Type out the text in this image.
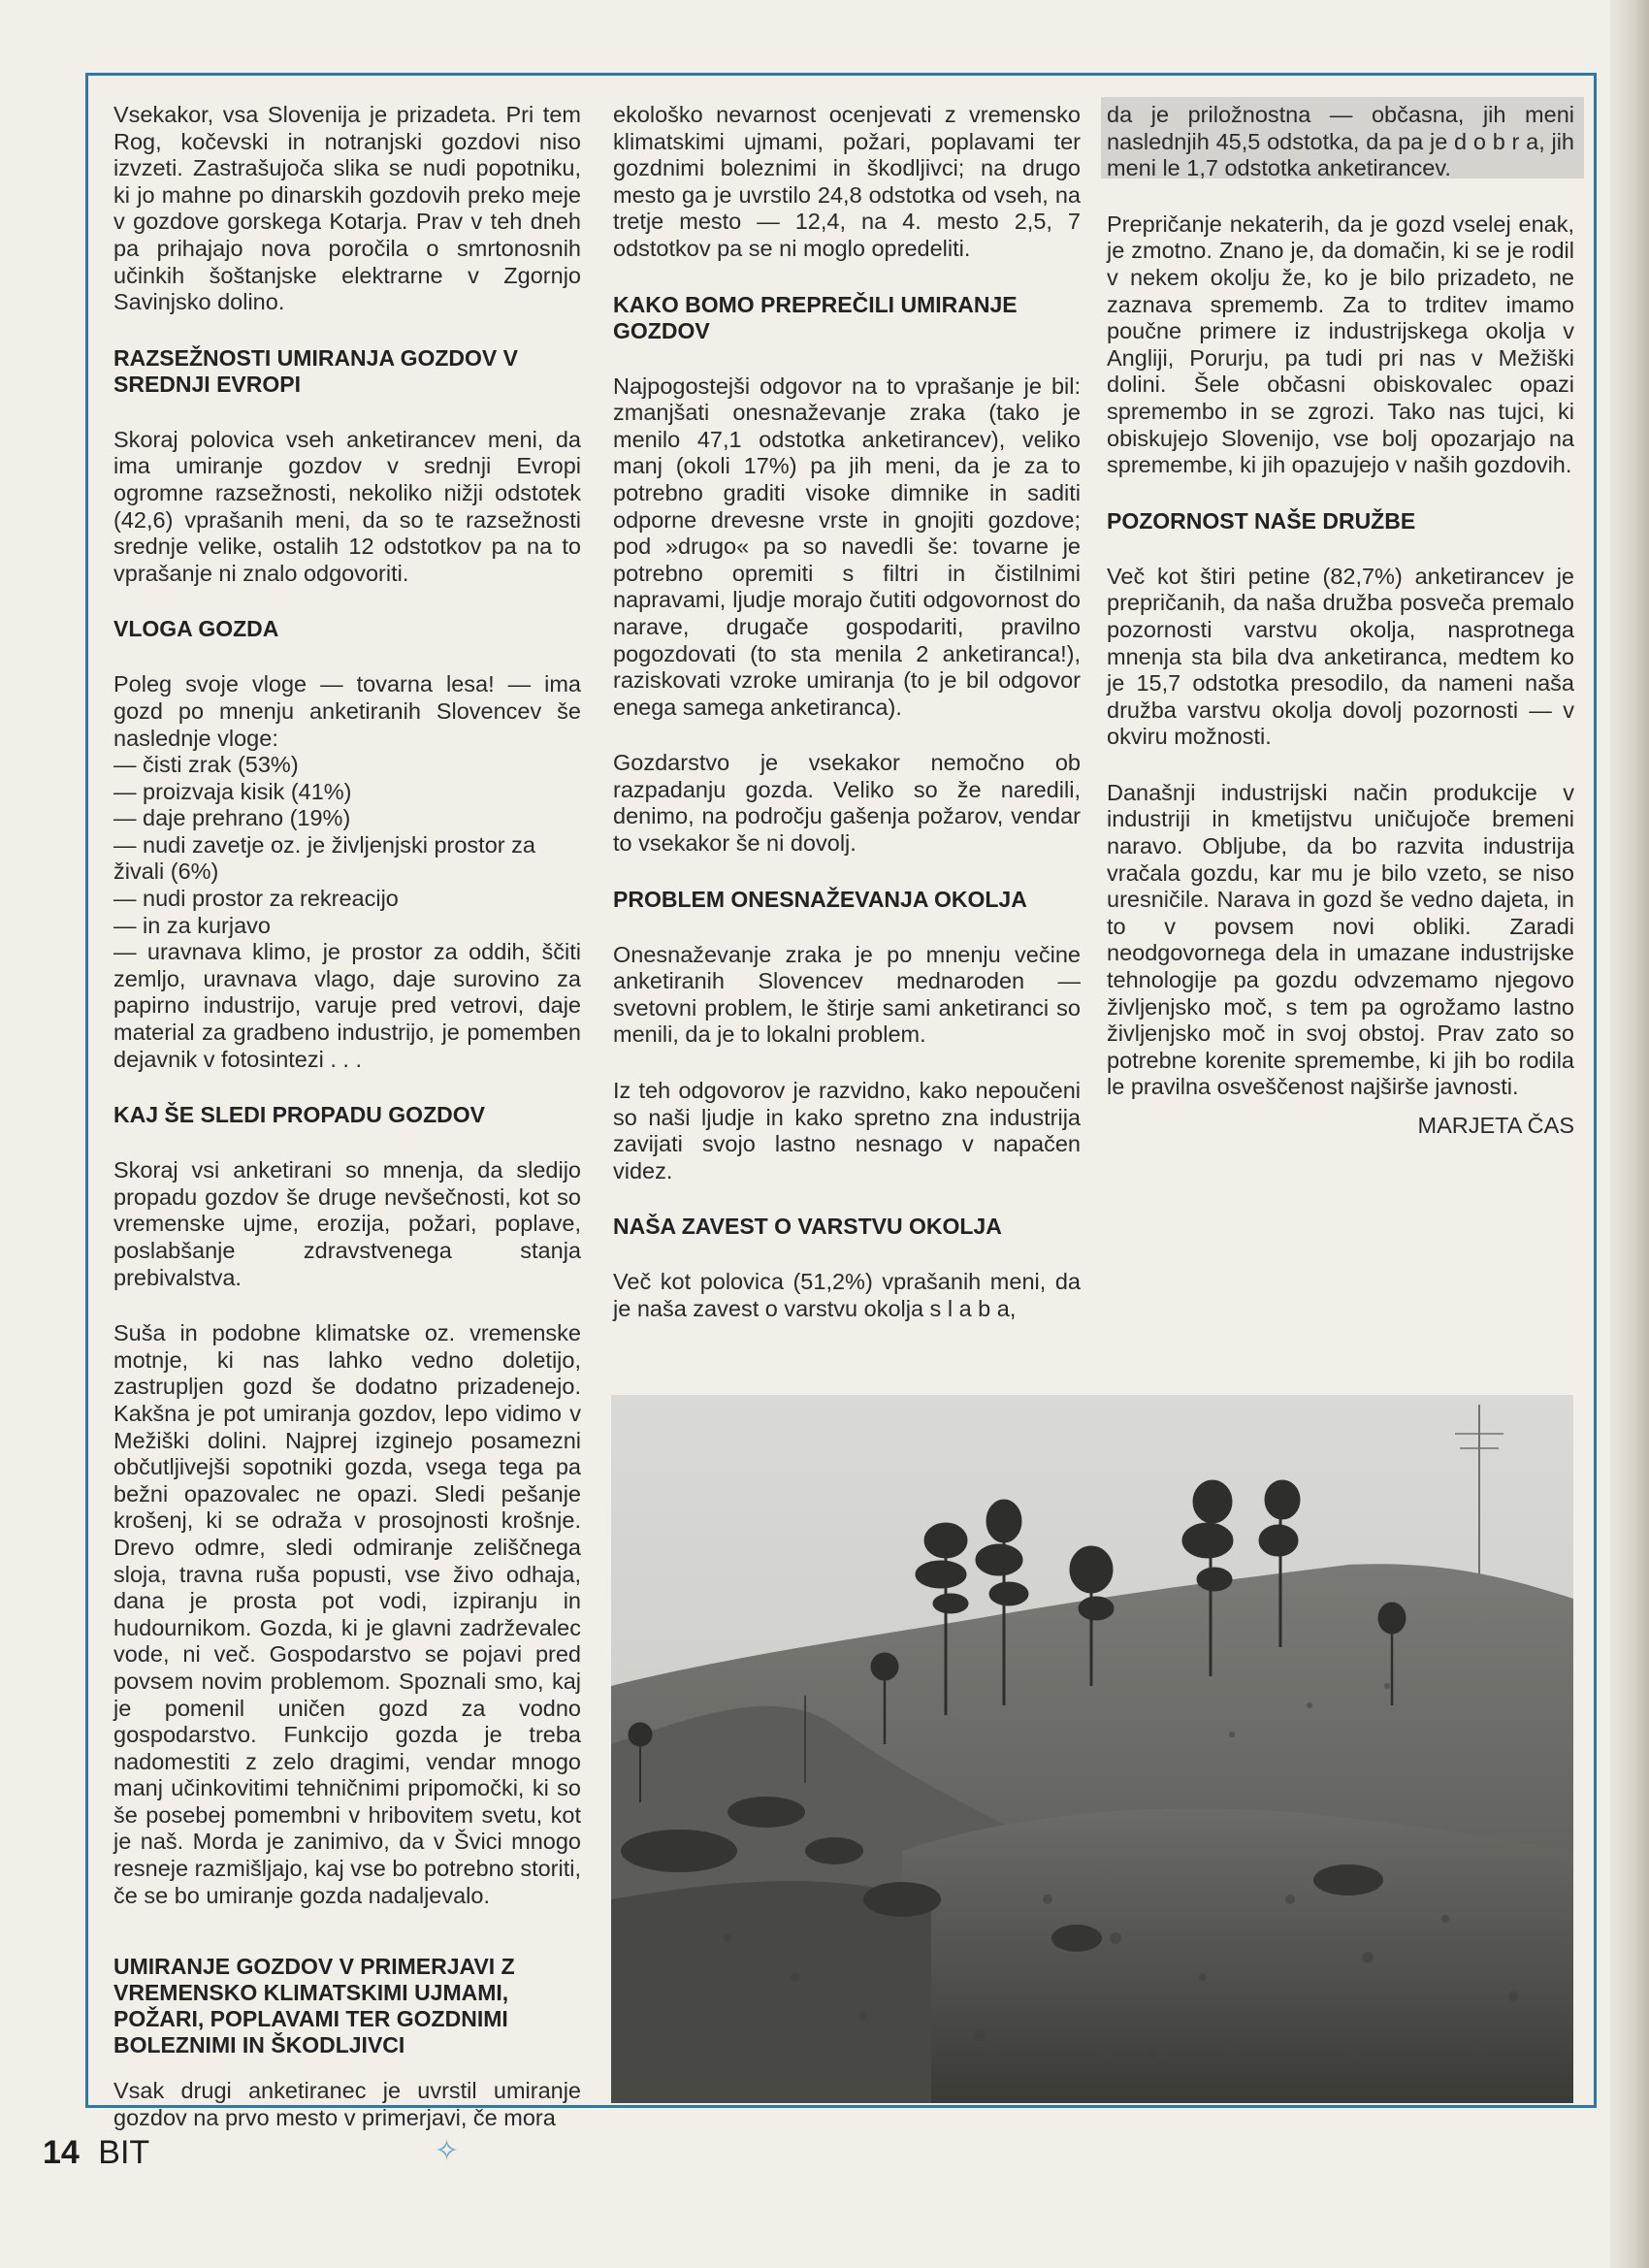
Vsekakor, vsa Slovenija je prizadeta. Pri tem Rog, kočevski in notranjski gozdovi niso izvzeti. Zastrašujoča slika se nudi popotniku, ki jo mahne po dinarskih gozdovih preko meje v gozdove gorskega Kotarja. Prav v teh dneh pa prihajajo nova poročila o smrtonosnih učinkih šoštanjske elektrarne v Zgornjo Savinjsko dolino.

RAZSEŽNOSTI UMIRANJA GOZDOV V SREDNJI EVROPI

Skoraj polovica vseh anketirancev meni, da ima umiranje gozdov v srednji Evropi ogromne razsežnosti, nekoliko nižji odstotek (42,6) vprašanih meni, da so te razsežnosti srednje velike, ostalih 12 odstotkov pa na to vprašanje ni znalo odgovoriti.

VLOGA GOZDA

Poleg svoje vloge — tovarna lesa! — ima gozd po mnenju anketiranih Slovencev še naslednje vloge:

— čisti zrak (53%)
— proizvaja kisik (41%)
— daje prehrano (19%)
— nudi zavetje oz. je življenjski prostor za živali (6%)
— nudi prostor za rekreacijo
— in za kurjavo
— uravnava klimo, je prostor za oddih, ščiti zemljo, uravnava vlago, daje surovino za papirno industrijo, varuje pred vetrovi, daje material za gradbeno industrijo, je pomemben dejavnik v fotosintezi . . .
KAJ ŠE SLEDI PROPADU GOZDOV

Skoraj vsi anketirani so mnenja, da sledijo propadu gozdov še druge nevšečnosti, kot so vremenske ujme, erozija, požari, poplave, poslabšanje zdravstvenega stanja prebivalstva.

Suša in podobne klimatske oz. vremenske motnje, ki nas lahko vedno doletijo, zastrupljen gozd še dodatno prizadenejo. Kakšna je pot umiranja gozdov, lepo vidimo v Mežiški dolini. Najprej izginejo posamezni občutljivejši sopotniki gozda, vsega tega pa bežni opazovalec ne opazi. Sledi pešanje krošenj, ki se odraža v prosojnosti krošnje. Drevo odmre, sledi odmiranje zeliščnega sloja, travna ruša popusti, vse živo odhaja, dana je prosta pot vodi, izpiranju in hudournikom. Gozda, ki je glavni zadrževalec vode, ni več. Gospodarstvo se pojavi pred povsem novim problemom. Spoznali smo, kaj je pomenil uničen gozd za vodno gospodarstvo. Funkcijo gozda je treba nadomestiti z zelo dragimi, vendar mnogo manj učinkovitimi tehničnimi pripomočki, ki so še posebej pomembni v hribovitem svetu, kot je naš. Morda je zanimivo, da v Švici mnogo resneje razmišljajo, kaj vse bo potrebno storiti, če se bo umiranje gozda nadaljevalo.

UMIRANJE GOZDOV V PRIMERJAVI Z VREMENSKO KLIMATSKIMI UJMAMI, POŽARI, POPLAVAMI TER GOZDNIMI BOLEZNIMI IN ŠKODLJIVCI

Vsak drugi anketiranec je uvrstil umiranje gozdov na prvo mesto v primerjavi, če mora

ekološko nevarnost ocenjevati z vremensko klimatskimi ujmami, požari, poplavami ter gozdnimi boleznimi in škodljivci; na drugo mesto ga je uvrstilo 24,8 odstotka od vseh, na tretje mesto — 12,4, na 4. mesto 2,5, 7 odstotkov pa se ni moglo opredeliti.

KAKO BOMO PREPREČILI UMIRANJE GOZDOV

Najpogostejši odgovor na to vprašanje je bil: zmanjšati onesnaževanje zraka (tako je menilo 47,1 odstotka anketirancev), veliko manj (okoli 17%) pa jih meni, da je za to potrebno graditi visoke dimnike in saditi odporne drevesne vrste in gnojiti gozdove; pod »drugo« pa so navedli še: tovarne je potrebno opremiti s filtri in čistilnimi napravami, ljudje morajo čutiti odgovornost do narave, drugače gospodariti, pravilno pogozdovati (to sta menila 2 anketiranca!), raziskovati vzroke umiranja (to je bil odgovor enega samega anketiranca).

Gozdarstvo je vsekakor nemočno ob razpadanju gozda. Veliko so že naredili, denimo, na področju gašenja požarov, vendar to vsekakor še ni dovolj.

PROBLEM ONESNAŽEVANJA OKOLJA

Onesnaževanje zraka je po mnenju večine anketiranih Slovencev mednaroden — svetovni problem, le štirje sami anketiranci so menili, da je to lokalni problem.

Iz teh odgovorov je razvidno, kako nepoučeni so naši ljudje in kako spretno zna industrija zavijati svojo lastno nesnago v napačen videz.

NAŠA ZAVEST O VARSTVU OKOLJA

Več kot polovica (51,2%) vprašanih meni, da je naša zavest o varstvu okolja s l a b a,

da je priložnostna — občasna, jih meni naslednjih 45,5 odstotka, da pa je d o b r a, jih meni le 1,7 odstotka anketirancev.

Prepričanje nekaterih, da je gozd vselej enak, je zmotno. Znano je, da domačin, ki se je rodil v nekem okolju že, ko je bilo prizadeto, ne zaznava sprememb. Za to trditev imamo poučne primere iz industrijskega okolja v Angliji, Porurju, pa tudi pri nas v Mežiški dolini. Šele občasni obiskovalec opazi spremembo in se zgrozi. Tako nas tujci, ki obiskujejo Slovenijo, vse bolj opozarjajo na spremembe, ki jih opazujejo v naših gozdovih.

POZORNOST NAŠE DRUŽBE

Več kot štiri petine (82,7%) anketirancev je prepričanih, da naša družba posveča premalo pozornosti varstvu okolja, nasprotnega mnenja sta bila dva anketiranca, medtem ko je 15,7 odstotka presodilo, da nameni naša družba varstvu okolja dovolj pozornosti — v okviru možnosti.

Današnji industrijski način produkcije v industriji in kmetijstvu uničujoče bremeni naravo. Obljube, da bo razvita industrija vračala gozdu, kar mu je bilo vzeto, se niso uresničile. Narava in gozd še vedno dajeta, in to v povsem novi obliki. Zaradi neodgovornega dela in umazane industrijske tehnologije pa gozdu odvzemamo njegovo življenjsko moč, s tem pa ogrožamo lastno življenjsko moč in svoj obstoj. Prav zato so potrebne korenite spremembe, ki jih bo rodila le pravilna osveščenost najširše javnosti.

MARJETA ČAS

14 BIT	✧
